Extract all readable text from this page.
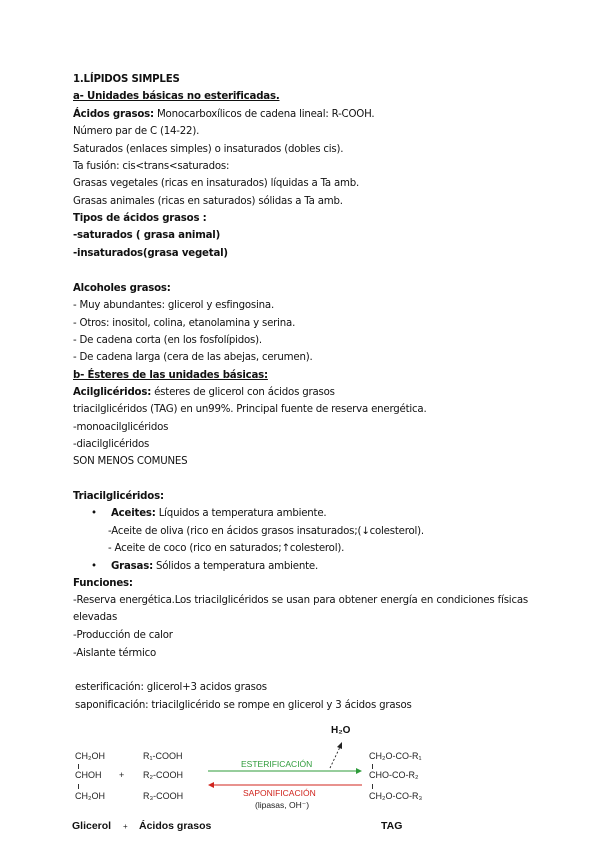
1.LÍPIDOS SIMPLES
a- Unidades básicas no esterificadas.
Ácidos grasos: Monocarboxílicos de cadena lineal: R-COOH.
Número par de C (14-22).
Saturados (enlaces simples) o insaturados (dobles cis).
Ta fusión: cis<trans<saturados:
Grasas vegetales (ricas en insaturados) líquidas a Ta amb.
Grasas animales (ricas en saturados) sólidas a Ta amb.
Tipos de ácidos grasos :
-saturados ( grasa animal)
-insaturados(grasa vegetal)
Alcoholes grasos:
- Muy abundantes: glicerol y esfingosina.
- Otros: inositol, colina, etanolamina y serina.
- De cadena corta (en los fosfolípidos).
- De cadena larga (cera de las abejas, cerumen).
b- Ésteres de las unidades básicas:
Acilglicéridos: ésteres de glicerol con ácidos grasos
triacilglicéridos (TAG) en un99%. Principal fuente de reserva energética.
-monoacilglicéridos
-diacilglicéridos
SON MENOS COMUNES
Triacilglicéridos:
• Aceites: Líquidos a temperatura ambiente.
-Aceite de oliva (rico en ácidos grasos insaturados;(↓colesterol).
- Aceite de coco (rico en saturados;↑colesterol).
• Grasas: Sólidos a temperatura ambiente.
Funciones:
-Reserva energética.Los triacilglicéridos se usan para obtener energía en condiciones físicas elevadas
-Producción de calor
-Aislante térmico
esterificación: glicerol+3 acidos grasos
saponificación: triacilglicérido se rompe en glicerol y 3 ácidos grasos
CH₂OH
CHOH
CH₂OH
+
R₁-COOH
R₂-COOH
R₃-COOH
H₂O
ESTERIFICACIÓN
SAPONIFICACIÓN
(lipasas, OH⁻)
CH₂O-CO-R₁
CHO-CO-R₂
CH₂O-CO-R₃
Glicerol + Ácidos grasos	TAG
